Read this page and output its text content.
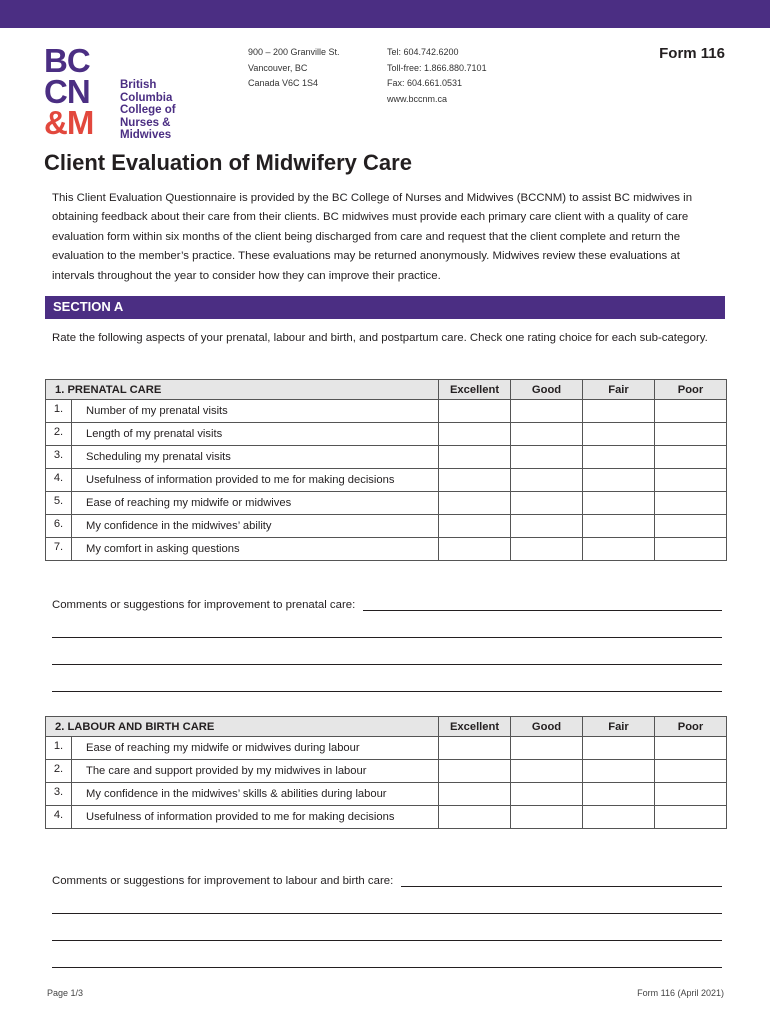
BC
CN
&M
British
Columbia
College of
Nurses &
Midwives
900 – 200 Granville St.
Vancouver, BC
Canada V6C 1S4
Tel: 604.742.6200
Toll-free: 1.866.880.7101
Fax: 604.661.0531
www.bccnm.ca
Form 116
Client Evaluation of Midwifery Care

This Client Evaluation Questionnaire is provided by the BC College of Nurses and Midwives (BCCNM) to assist BC midwives in obtaining feedback about their care from their clients. BC midwives must provide each primary care client with a quality of care evaluation form within six months of the client being discharged from care and request that the client complete and return the evaluation to the member’s practice. These evaluations may be returned anonymously. Midwives review these evaluations at intervals throughout the year to consider how they can improve their practice.

SECTION A

Rate the following aspects of your prenatal, labour and birth, and postpartum care. Check one rating choice for each sub-category.

1. PRENATAL CARE		Excellent	Good	Fair	Poor
1.	Number of my prenatal visits				
2.	Length of my prenatal visits				
3.	Scheduling my prenatal visits				
4.	Usefulness of information provided to me for making decisions				
5.	Ease of reaching my midwife or midwives				
6.	My confidence in the midwives’ ability				
7.	My comfort in asking questions				
Comments or suggestions for improvement to prenatal care:
2. LABOUR AND BIRTH CARE		Excellent	Good	Fair	Poor
1.	Ease of reaching my midwife or midwives during labour				
2.	The care and support provided by my midwives in labour				
3.	My confidence in the midwives’ skills & abilities during labour				
4.	Usefulness of information provided to me for making decisions				
Comments or suggestions for improvement to labour and birth care:
Page 1/3	Form 116 (April 2021)
